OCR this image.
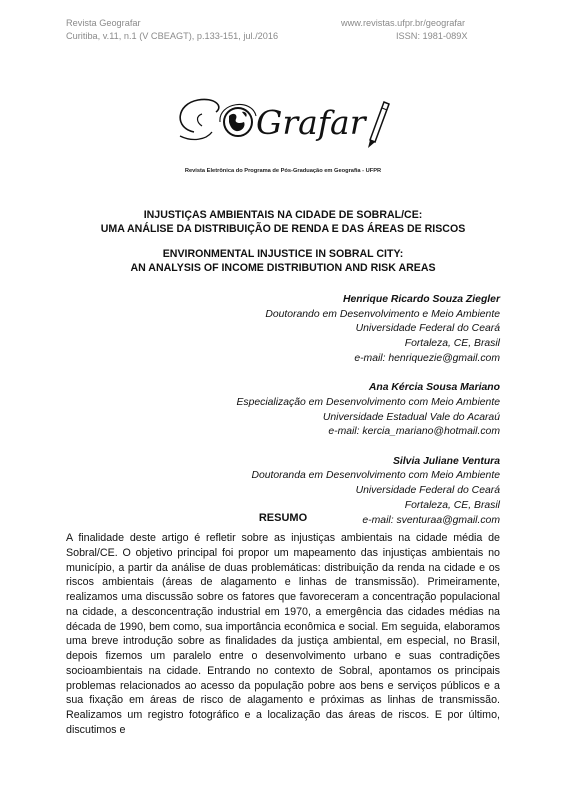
Revista Geografar
Curitiba, v.11, n.1 (V CBEAGT), p.133-151, jul./2016
www.revistas.ufpr.br/geografar
ISSN: 1981-089X
Grafar
Revista Eletrônica do Programa de Pós-Graduação em Geografia - UFPR
INJUSTIÇAS AMBIENTAIS NA CIDADE DE SOBRAL/CE:
UMA ANÁLISE DA DISTRIBUIÇÃO DE RENDA E DAS ÁREAS DE RISCOS
ENVIRONMENTAL INJUSTICE IN SOBRAL CITY:
AN ANALYSIS OF INCOME DISTRIBUTION AND RISK AREAS
Henrique Ricardo Souza Ziegler
Doutorando em Desenvolvimento e Meio Ambiente
Universidade Federal do Ceará
Fortaleza, CE, Brasil
e-mail: henriquezie@gmail.com
Ana Kércia Sousa Mariano
Especialização em Desenvolvimento com Meio Ambiente
Universidade Estadual Vale do Acaraú
e-mail: kercia_mariano@hotmail.com
Silvia Juliane Ventura
Doutoranda em Desenvolvimento com Meio Ambiente
Universidade Federal do Ceará
Fortaleza, CE, Brasil
e-mail: sventuraa@gmail.com
RESUMO
A finalidade deste artigo é refletir sobre as injustiças ambientais na cidade média de Sobral/CE. O objetivo principal foi propor um mapeamento das injustiças ambientais no município, a partir da análise de duas problemáticas: distribuição da renda na cidade e os riscos ambientais (áreas de alagamento e linhas de transmissão). Primeiramente, realizamos uma discussão sobre os fatores que favoreceram a concentração populacional na cidade, a desconcentração industrial em 1970, a emergência das cidades médias na década de 1990, bem como, sua importância econômica e social. Em seguida, elaboramos uma breve introdução sobre as finalidades da justiça ambiental, em especial, no Brasil, depois fizemos um paralelo entre o desenvolvimento urbano e suas contradições socioambientais na cidade. Entrando no contexto de Sobral, apontamos os principais problemas relacionados ao acesso da população pobre aos bens e serviços públicos e a sua fixação em áreas de risco de alagamento e próximas as linhas de transmissão. Realizamos um registro fotográfico e a localização das áreas de riscos. E por último, discutimos e
